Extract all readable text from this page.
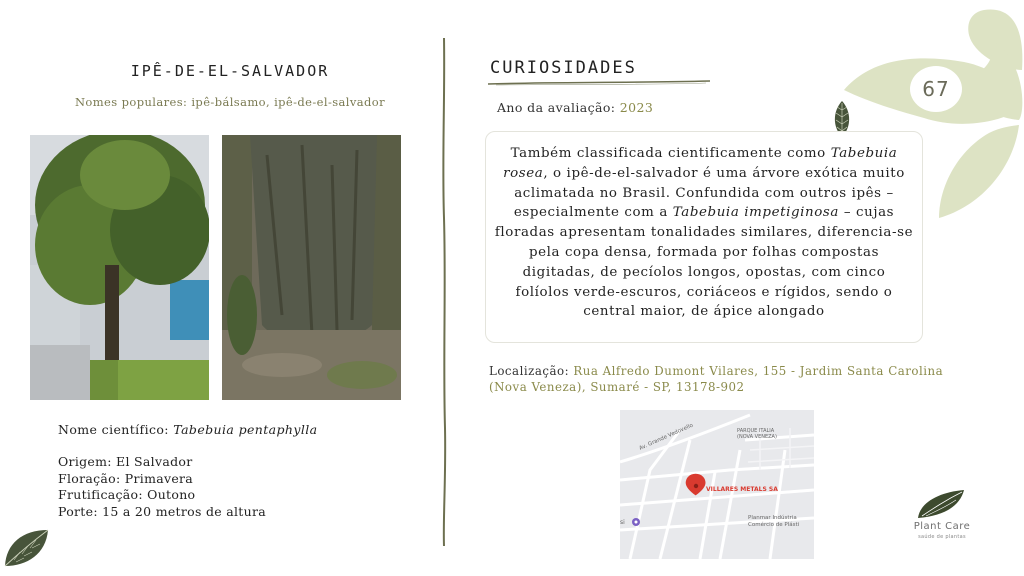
67
IPÊ-DE-EL-SALVADOR
Nomes populares: ipê-bálsamo, ipê-de-el-salvador
Nome científico: Tabebuia pentaphylla
Origem: El Salvador
Floração: Primavera
Frutificação: Outono
Porte: 15 a 20 metros de altura
CURIOSIDADES
Ano da avaliação: 2023
Também classificada cientificamente como Tabebuia rosea, o ipê-de-el-salvador é uma árvore exótica muito aclimatada no Brasil. Confundida com outros ipês – especialmente com a Tabebuia impetiginosa – cujas floradas apresentam tonalidades similares, diferencia-se pela copa densa, formada por folhas compostas digitadas, de pecíolos longos, opostas, com cinco folíolos verde-escuros, coriáceos e rígidos, sendo o central maior, de ápice alongado
Localização: Rua Alfredo Dumont Vilares, 155 - Jardim Santa Carolina (Nova Veneza), Sumaré - SP, 13178-902
Av. Grande Vedovello	PARQUE ITALIA
(NOVA VENEZA)
VILLARES METALS SA
Planmar Indústria
Comércio de Plásti
si	Plant Care
saúde de plantas
